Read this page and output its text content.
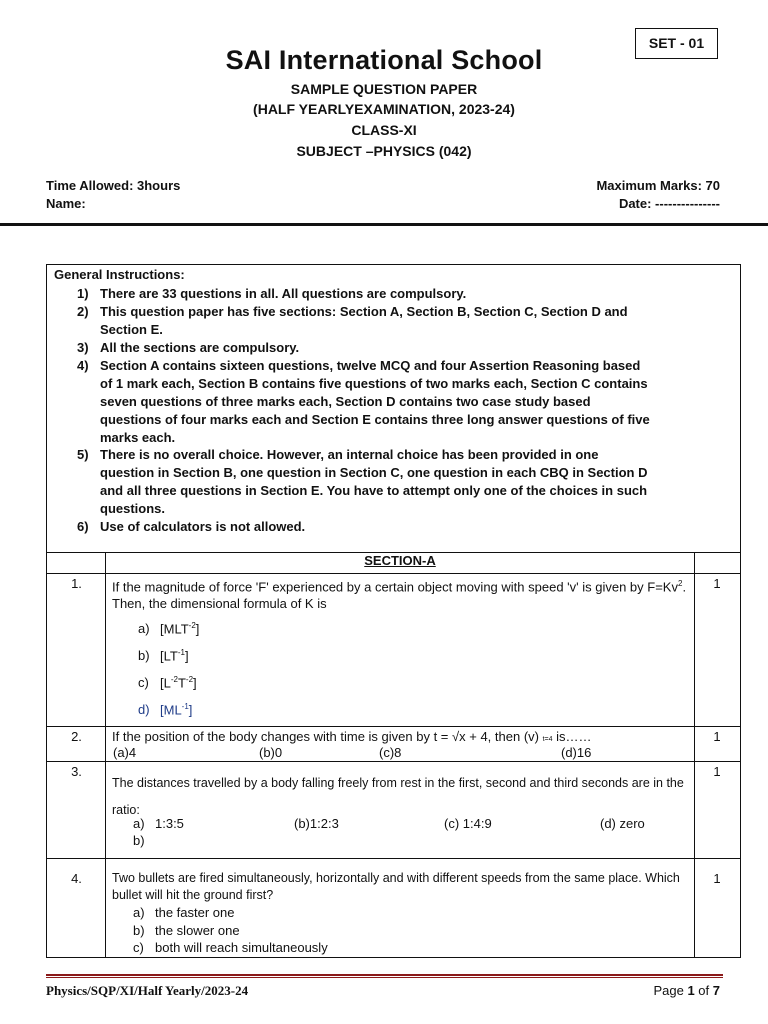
SET - 01
SAI International School
SAMPLE QUESTION PAPER
(HALF YEARLYEXAMINATION, 2023-24)
CLASS-XI
SUBJECT –PHYSICS (042)
Time Allowed: 3hours
Name:
Maximum Marks: 70
Date: ---------------
General Instructions:
1) There are 33 questions in all. All questions are compulsory.
2) This question paper has five sections: Section A, Section B, Section C, Section D and Section E.
3) All the sections are compulsory.
4) Section A contains sixteen questions, twelve MCQ and four Assertion Reasoning based of 1 mark each, Section B contains five questions of two marks each, Section C contains seven questions of three marks each, Section D contains two case study based questions of four marks each and Section E contains three long answer questions of five marks each.
5) There is no overall choice. However, an internal choice has been provided in one question in Section B, one question in Section C, one question in each CBQ in Section D and all three questions in Section E. You have to attempt only one of the choices in such questions.
6) Use of calculators is not allowed.
SECTION-A
1.	1
If the magnitude of force 'F' experienced by a certain object moving with speed 'v' is given by $F=Kv^2$. Then, the dimensional formula of K is
a) $[MLT^{-2}]$
b) $[LT^{-1}]$
c) $[L^{-2}T^{-2}]$
d) $[ML^{-1}]$
2.	1
If the position of the body changes with time is given by t = √x + 4, then (v) t=4 is……
(a)4	(b)0	(c)8	(d)16
3.	1
The distances travelled by a body falling freely from rest in the first, second and third seconds are in the ratio:
a) 1:3:5	(b)1:2:3	(c) 1:4:9	(d) zero
b)
4.	1
Two bullets are fired simultaneously, horizontally and with different speeds from the same place. Which bullet will hit the ground first?
a) the faster one
b) the slower one
c) both will reach simultaneously
Physics/SQP/XI/Half Yearly/2023-24	Page 1 of 7
